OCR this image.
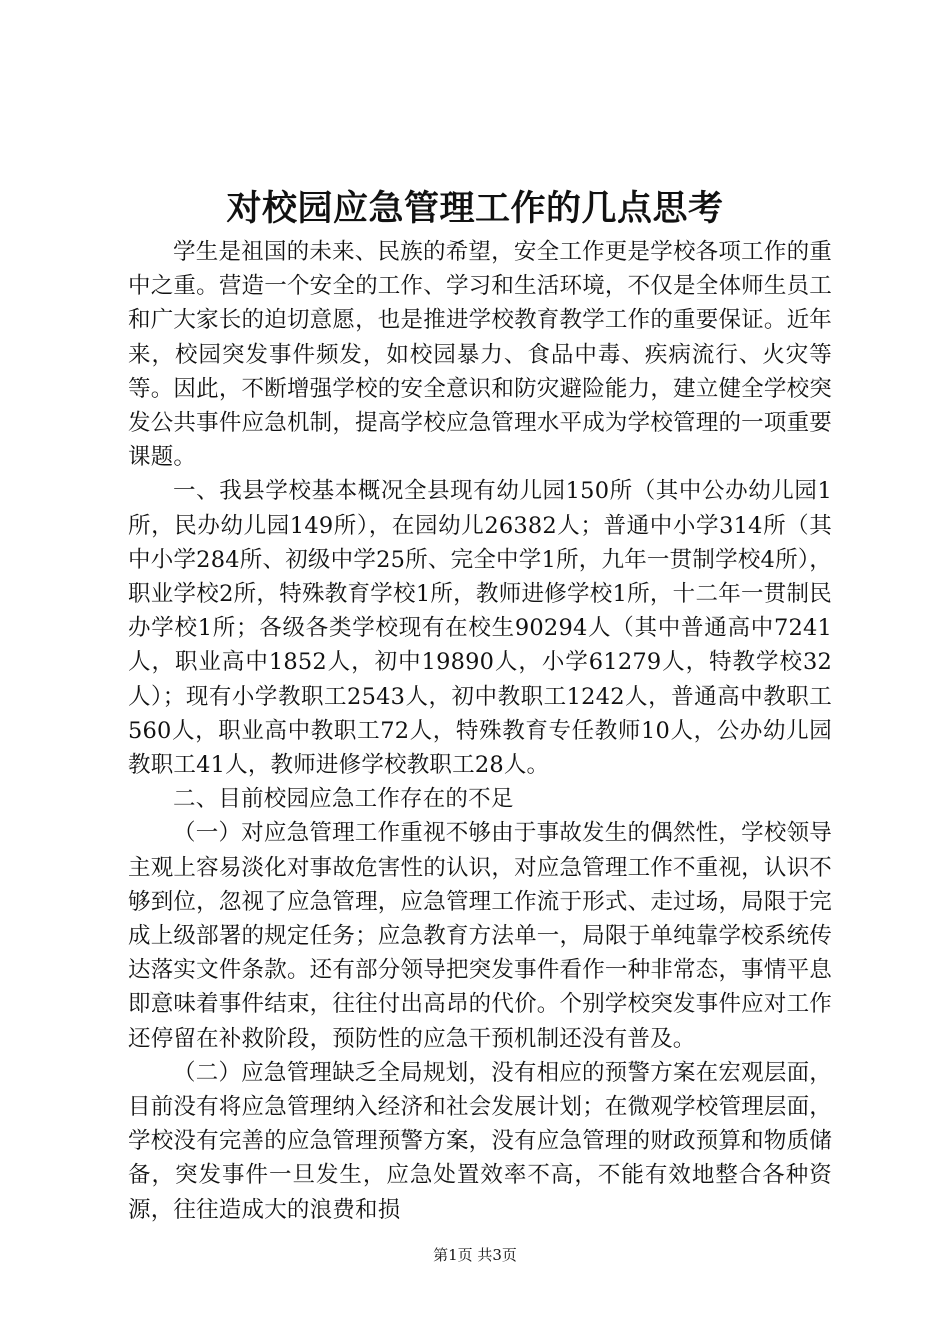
对校园应急管理工作的几点思考

学生是祖国的未来、民族的希望，安全工作更是学校各项工作的重中之重。营造一个安全的工作、学习和生活环境，不仅是全体师生员工和广大家长的迫切意愿，也是推进学校教育教学工作的重要保证。近年来，校园突发事件频发，如校园暴力、食品中毒、疾病流行、火灾等等。因此，不断增强学校的安全意识和防灾避险能力，建立健全学校突发公共事件应急机制，提高学校应急管理水平成为学校管理的一项重要课题。

一、我县学校基本概况全县现有幼儿园150所（其中公办幼儿园1所，民办幼儿园149所），在园幼儿26382人；普通中小学314所（其中小学284所、初级中学25所、完全中学1所，九年一贯制学校4所），职业学校2所，特殊教育学校1所，教师进修学校1所，十二年一贯制民办学校1所；各级各类学校现有在校生90294人（其中普通高中7241人，职业高中1852人，初中19890人，小学61279人，特教学校32人）；现有小学教职工2543人，初中教职工1242人，普通高中教职工560人，职业高中教职工72人，特殊教育专任教师10人，公办幼儿园教职工41人，教师进修学校教职工28人。

二、目前校园应急工作存在的不足

（一）对应急管理工作重视不够由于事故发生的偶然性，学校领导主观上容易淡化对事故危害性的认识，对应急管理工作不重视，认识不够到位，忽视了应急管理，应急管理工作流于形式、走过场，局限于完成上级部署的规定任务；应急教育方法单一，局限于单纯靠学校系统传达落实文件条款。还有部分领导把突发事件看作一种非常态，事情平息即意味着事件结束，往往付出高昂的代价。个别学校突发事件应对工作还停留在补救阶段，预防性的应急干预机制还没有普及。

（二）应急管理缺乏全局规划，没有相应的预警方案在宏观层面，目前没有将应急管理纳入经济和社会发展计划；在微观学校管理层面，学校没有完善的应急管理预警方案，没有应急管理的财政预算和物质储备，突发事件一旦发生，应急处置效率不高，不能有效地整合各种资源，往往造成大的浪费和损

第1页 共3页
